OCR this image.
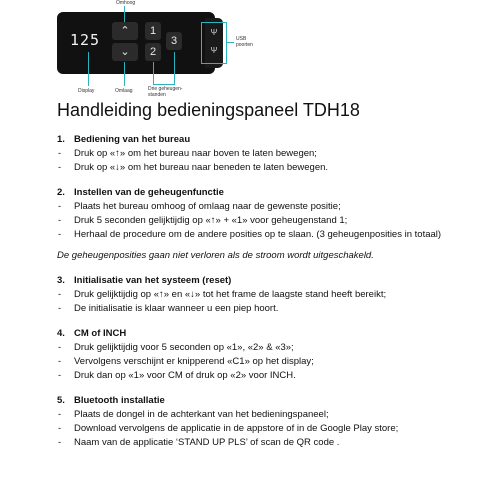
125	⌃
⌄
1
2
3
Ψ
Ψ
Omhoog
Display	Omlaag	Drie geheugen-
standen
USB
poorten
Handleiding bedieningspaneel TDH18

1. Bediening van het bureau

- Druk op «↑» om het bureau naar boven te laten bewegen;

- Druk op «↓» om het bureau naar beneden te laten bewegen.

2. Instellen van de geheugenfunctie

- Plaats het bureau omhoog of omlaag naar de gewenste positie;

- Druk 5 seconden gelijktijdig op «↑» + «1» voor geheugenstand 1;

- Herhaal de procedure om de andere posities op te slaan. (3 geheugenposities in totaal)

De geheugenposities gaan niet verloren als de stroom wordt uitgeschakeld.

3. Initialisatie van het systeem (reset)

- Druk gelijktijdig op «↑» en «↓» tot het frame de laagste stand heeft bereikt;

- De initialisatie is klaar wanneer u een piep hoort.

4. CM of INCH

- Druk gelijktijdig voor 5 seconden op «1», «2» & «3»;

- Vervolgens verschijnt er knipperend «C1» op het display;

- Druk dan op «1» voor CM of druk op «2» voor INCH.

5. Bluetooth installatie

- Plaats de dongel in de achterkant van het bedieningspaneel;

- Download vervolgens de applicatie in de appstore of in de Google Play store;

- Naam van de applicatie ‘STAND UP PLS’ of scan de QR code .
